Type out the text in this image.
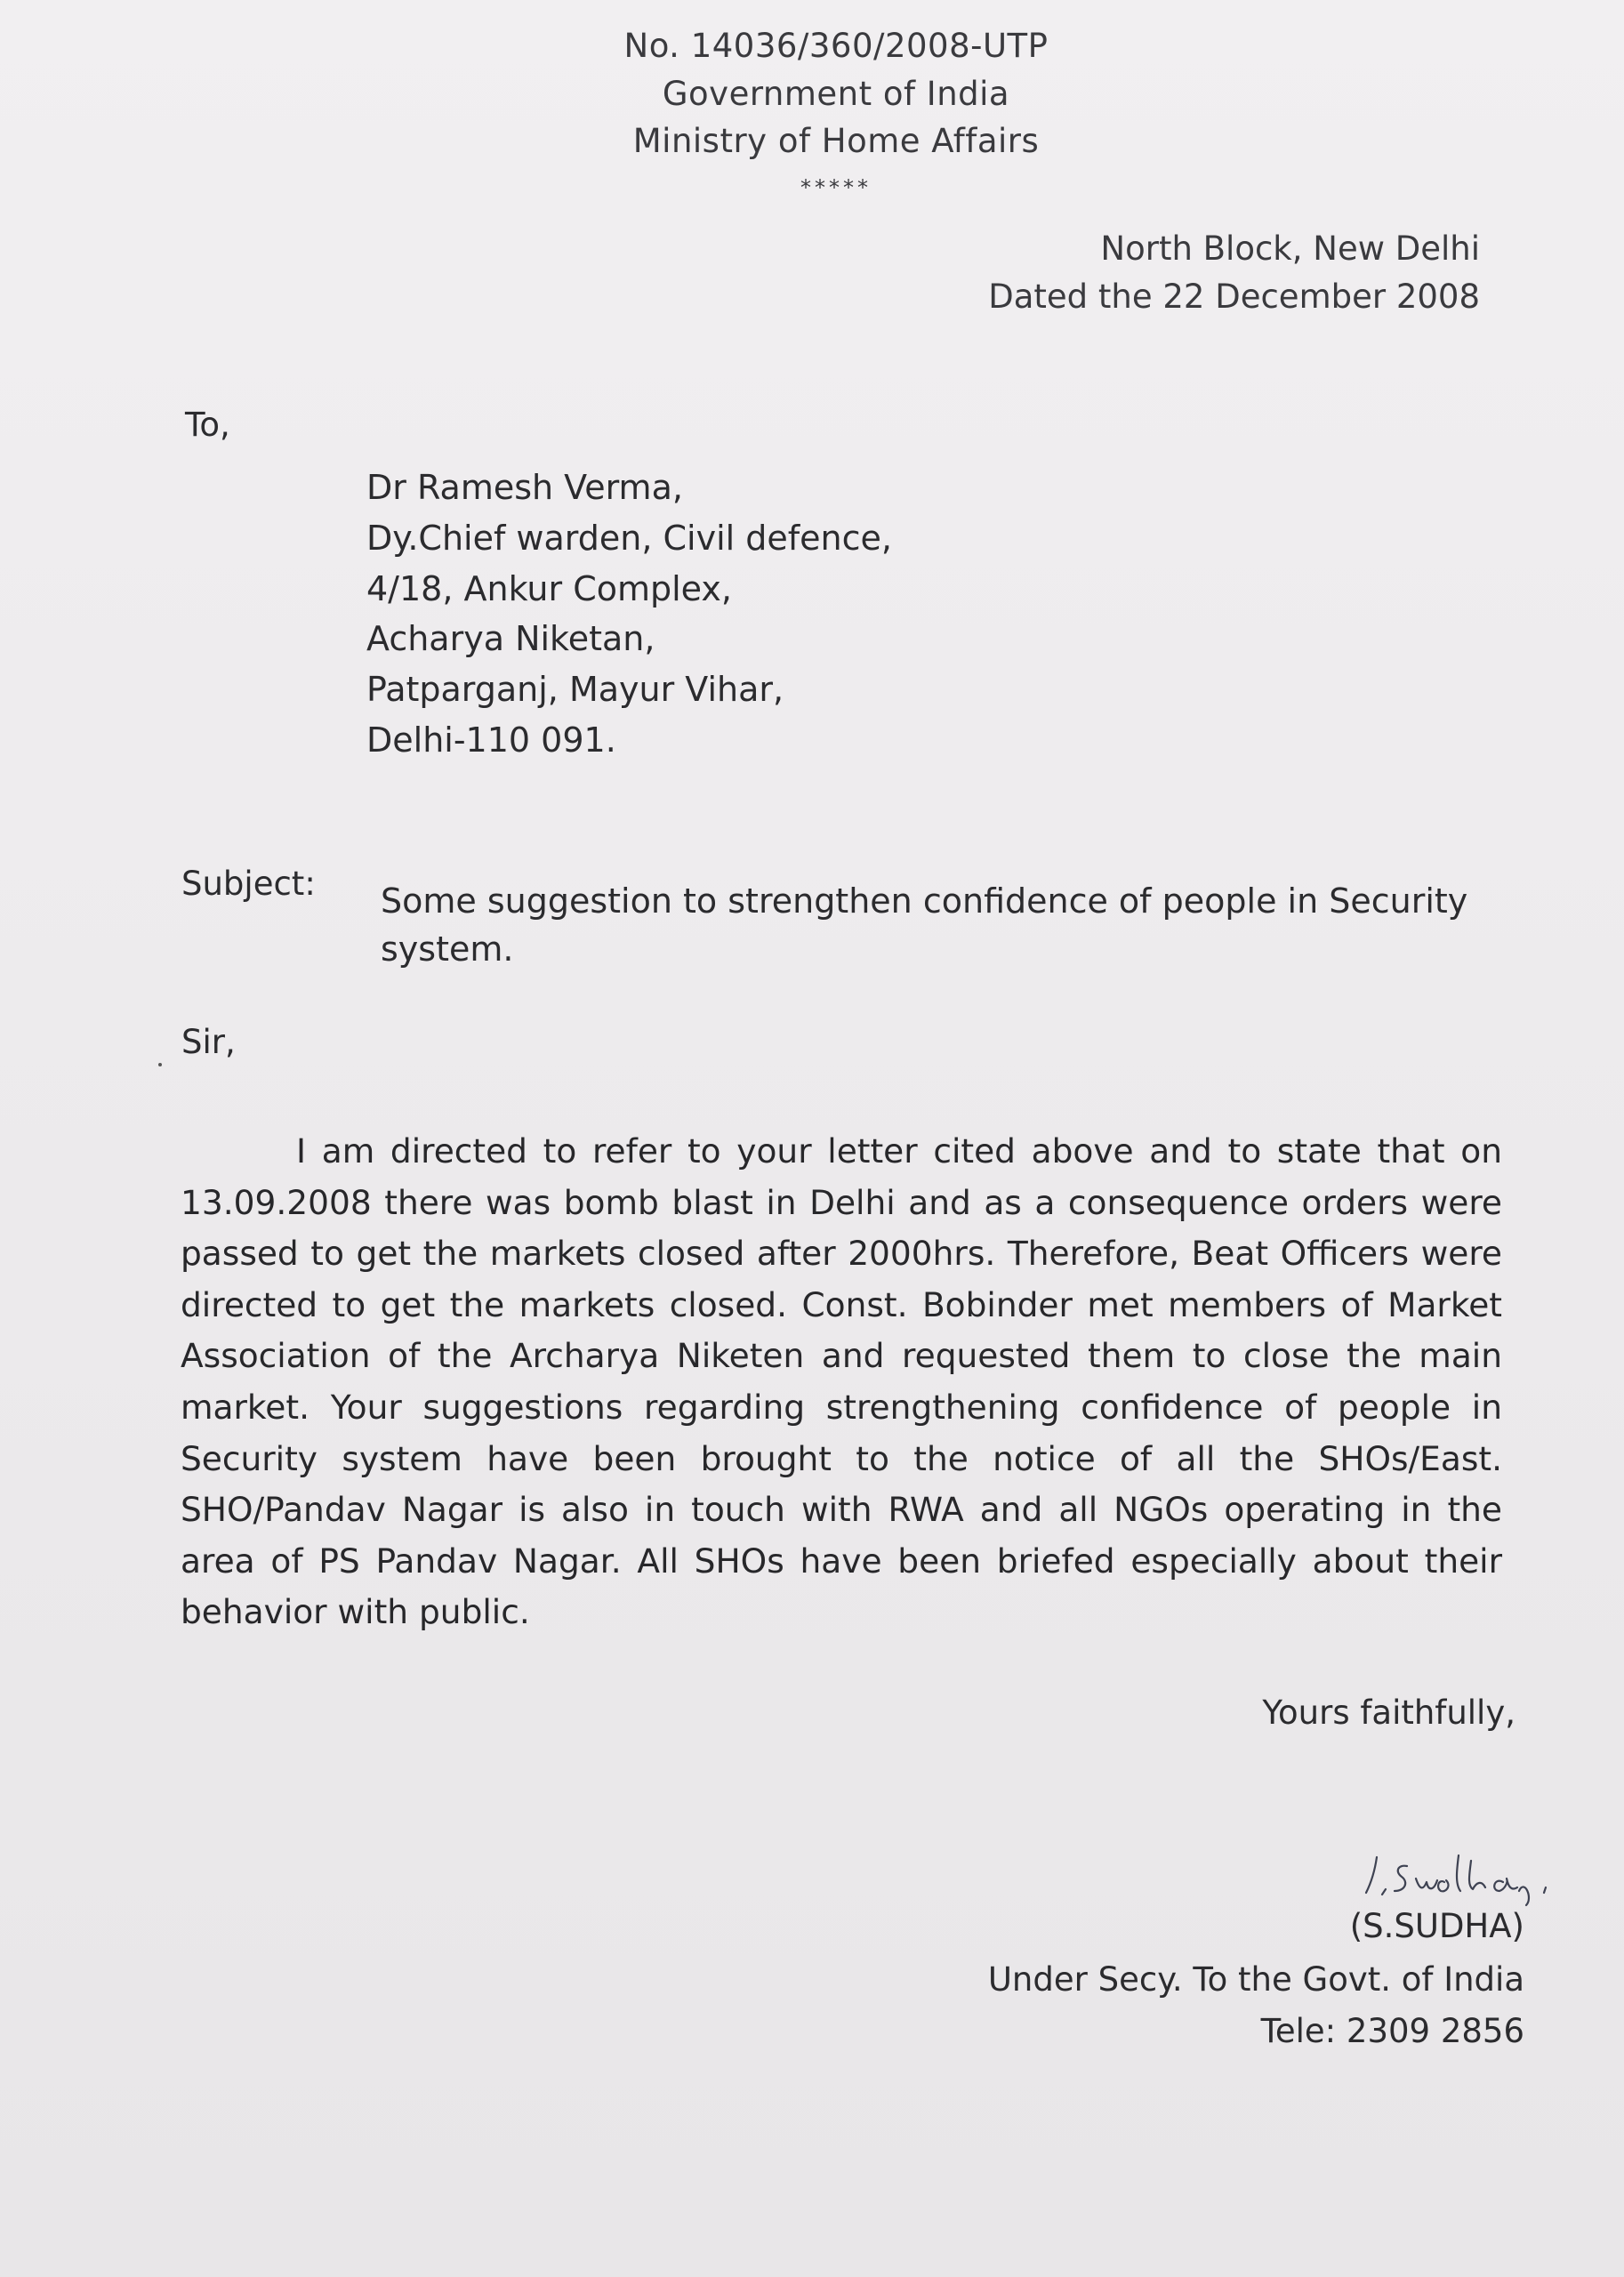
No. 14036/360/2008-UTP
Government of India
Ministry of Home Affairs
*****
North Block, New Delhi
Dated the 22 December 2008
To,
Dr Ramesh Verma,
Dy.Chief warden, Civil defence,
4/18, Ankur Complex,
Acharya Niketan,
Patparganj, Mayur Vihar,
Delhi-110 091.
Subject: Some suggestion to strengthen confidence of people in Security system.
Sir,
I am directed to refer to your letter cited above and to state that on 13.09.2008 there was bomb blast in Delhi and as a consequence orders were passed to get the markets closed after 2000hrs. Therefore, Beat Officers were directed to get the markets closed. Const. Bobinder met members of Market Association of the Archarya Niketen and requested them to close the main market. Your suggestions regarding strengthening confidence of people in Security system have been brought to the notice of all the SHOs/East. SHO/Pandav Nagar is also in touch with RWA and all NGOs operating in the area of PS Pandav Nagar. All SHOs have been briefed especially about their behavior with public.
Yours faithfully,
(S.SUDHA)
Under Secy. To the Govt. of India
Tele: 2309 2856
